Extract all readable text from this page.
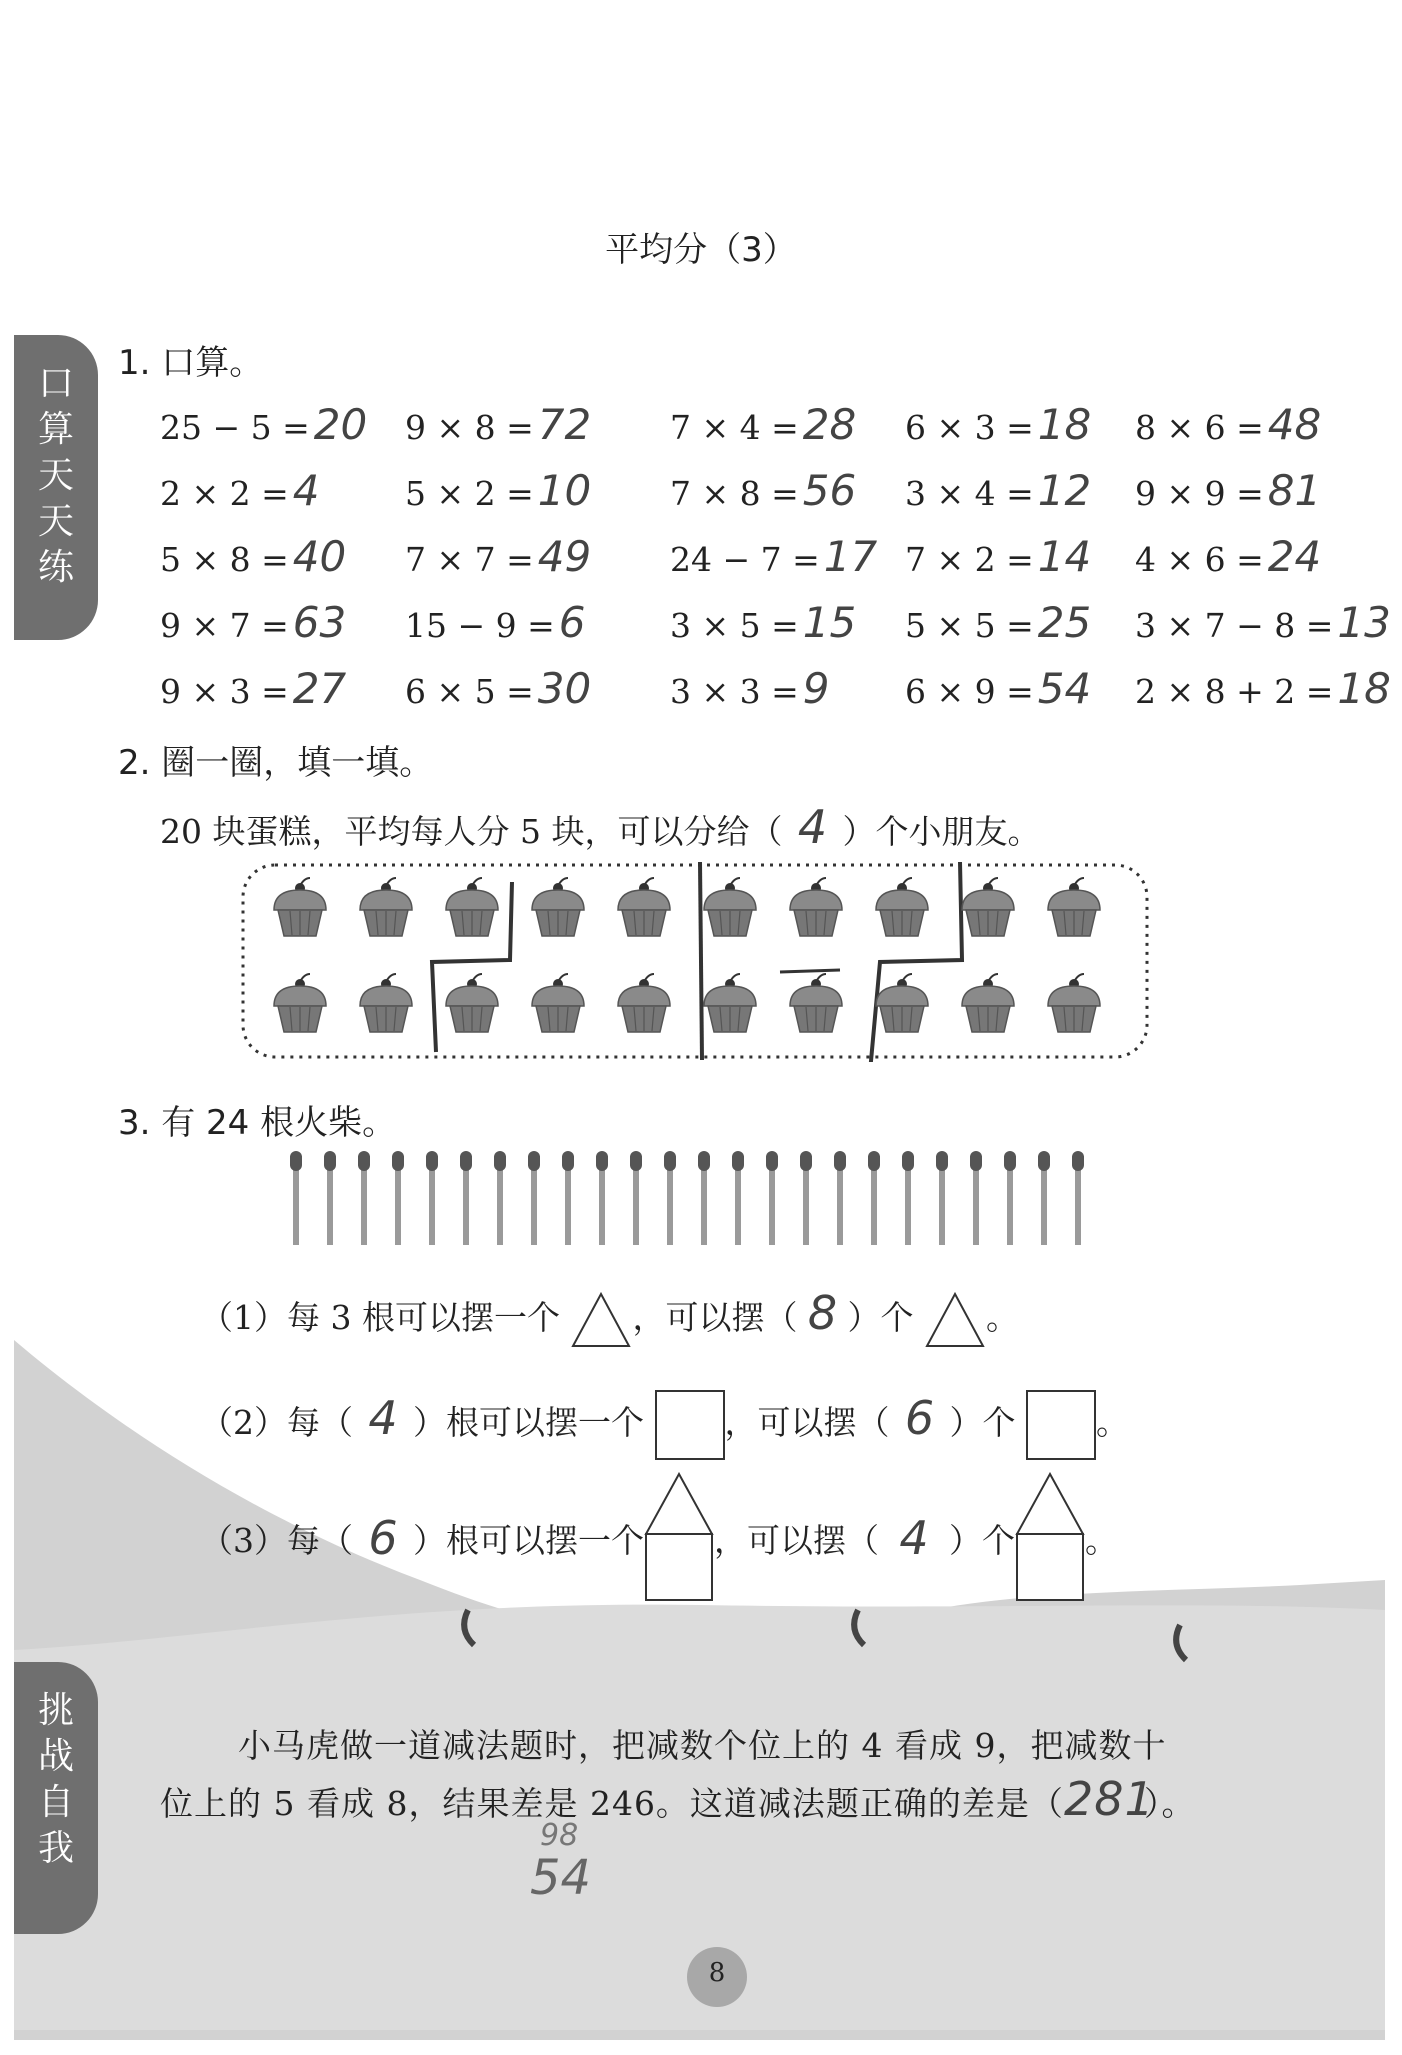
口
算
天
天
练
挑
战
自
我
平均分（3）
1. 口算。
25 − 5 =20 9 × 8 =72 7 × 4 =28 6 × 3 =18 8 × 6 =48
2 × 2 =4	5 × 2 =10 7 × 8 =56 3 × 4 =12 9 × 9 =81
5 × 8 =40 7 × 7 =49 24 − 7 =17 7 × 2 =14 4 × 6 =24
9 × 7 =63 15 − 9 =6	3 × 5 =15 5 × 5 =25 3 × 7 − 8 =13
9 × 3 =27 6 × 5 =30 3 × 3 =9 6 × 9 =54 2 × 8 + 2 =18
2. 圈一圈，填一填。
20 块蛋糕，平均每人分 5 块，可以分给（ 4 ）个小朋友。
3. 有 24 根火柴。
（1）每 3 根可以摆一个 ，可以摆（ 8 ）个 。
（2）每（ 4 ）根可以摆一个 ，可以摆（ 6 ）个 。
（3）每（ 6 ）根可以摆一个 ，可以摆（ 4 ）个 。
小马虎做一道减法题时，把减数个位上的 4 看成 9，把减数十
位上的 5 看成 8，结果差是 246。这道减法题正确的差是（281）。
98
54
8
